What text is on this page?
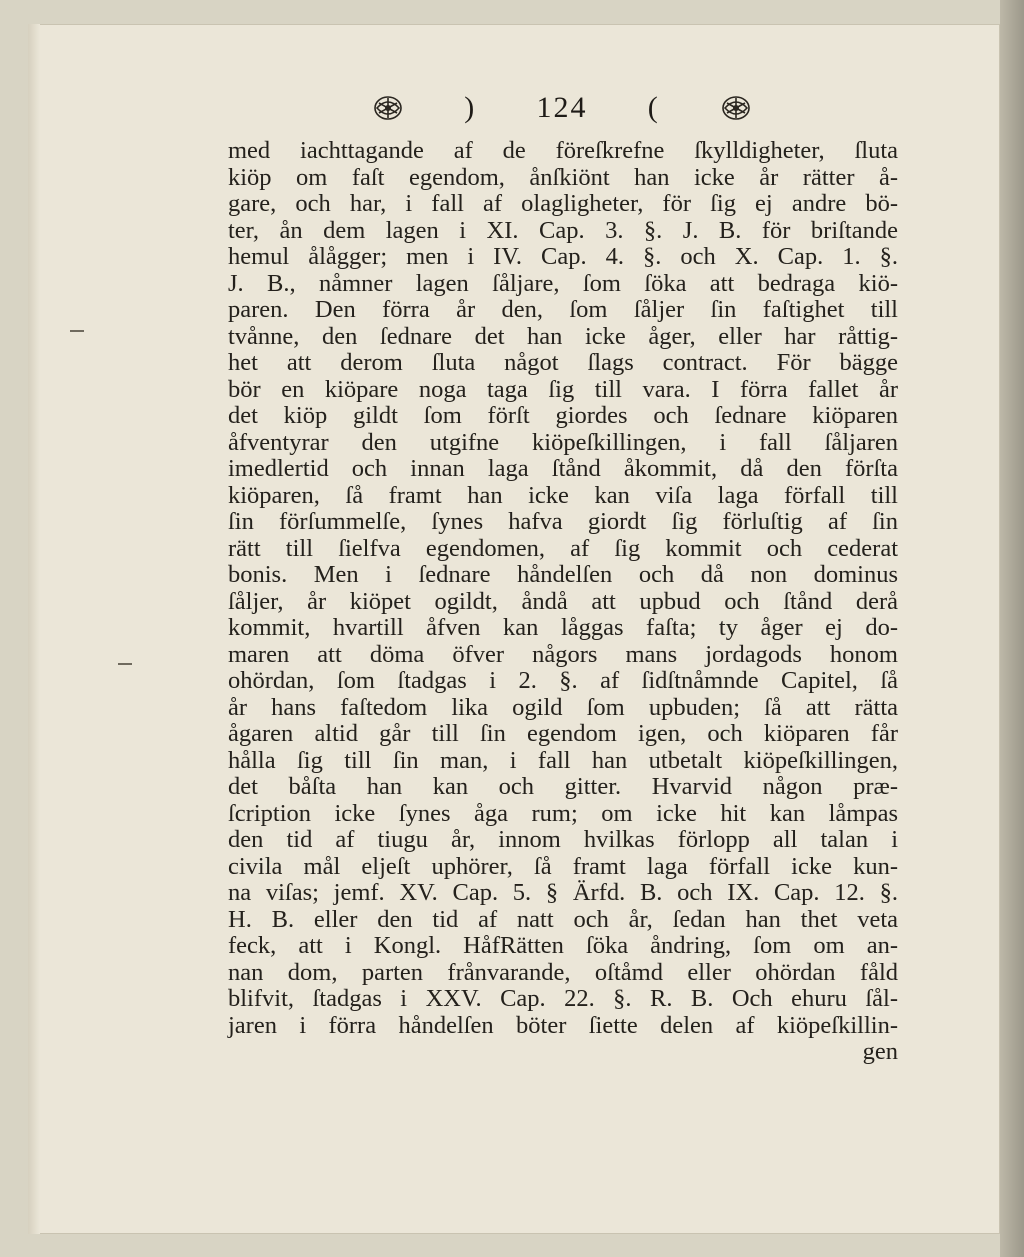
) 124 (
med iachttagande af de föreſkrefne ſkylldigheter, ſluta
kiöp om faſt egendom, ånſkiönt han icke år rätter å-
gare, och har, i fall af olagligheter, för ſig ej andre bö-
ter, ån dem lagen i XI. Cap. 3. §. J. B. för briſtande
hemul ålågger; men i IV. Cap. 4. §. och X. Cap. 1. §.
J. B., nåmner lagen ſåljare, ſom ſöka att bedraga kiö-
paren. Den förra år den, ſom ſåljer ſin faſtighet till
tvånne, den ſednare det han icke åger, eller har råttig-
het att derom ſluta något ſlags contract. För bägge
bör en kiöpare noga taga ſig till vara. I förra fallet år
det kiöp gildt ſom förſt giordes och ſednare kiöparen
åfventyrar den utgifne kiöpeſkillingen, i fall ſåljaren
imedlertid och innan laga ſtånd åkommit, då den förſta
kiöparen, ſå framt han icke kan viſa laga förfall till
ſin förſummelſe, ſynes hafva giordt ſig förluſtig af ſin
rätt till ſielfva egendomen, af ſig kommit och cederat
bonis. Men i ſednare håndelſen och då non dominus
ſåljer, år kiöpet ogildt, åndå att upbud och ſtånd derå
kommit, hvartill åfven kan låggas faſta; ty åger ej do-
maren att döma öfver någors mans jordagods honom
ohördan, ſom ſtadgas i 2. §. af ſidſtnåmnde Capitel, ſå
år hans faſtedom lika ogild ſom upbuden; ſå att rätta
ågaren altid går till ſin egendom igen, och kiöparen får
hålla ſig till ſin man, i fall han utbetalt kiöpeſkillingen,
det båſta han kan och gitter. Hvarvid någon præ-
ſcription icke ſynes åga rum; om icke hit kan låmpas
den tid af tiugu år, innom hvilkas förlopp all talan i
civila mål eljeſt uphörer, ſå framt laga förfall icke kun-
na viſas; jemf. XV. Cap. 5. § Ärfd. B. och IX. Cap. 12. §.
H. B. eller den tid af natt och år, ſedan han thet veta
feck, att i Kongl. HåfRätten ſöka åndring, ſom om an-
nan dom, parten frånvarande, oſtåmd eller ohördan fåld
blifvit, ſtadgas i XXV. Cap. 22. §. R. B. Och ehuru ſål-
jaren i förra håndelſen böter ſiette delen af kiöpeſkillin-
gen
